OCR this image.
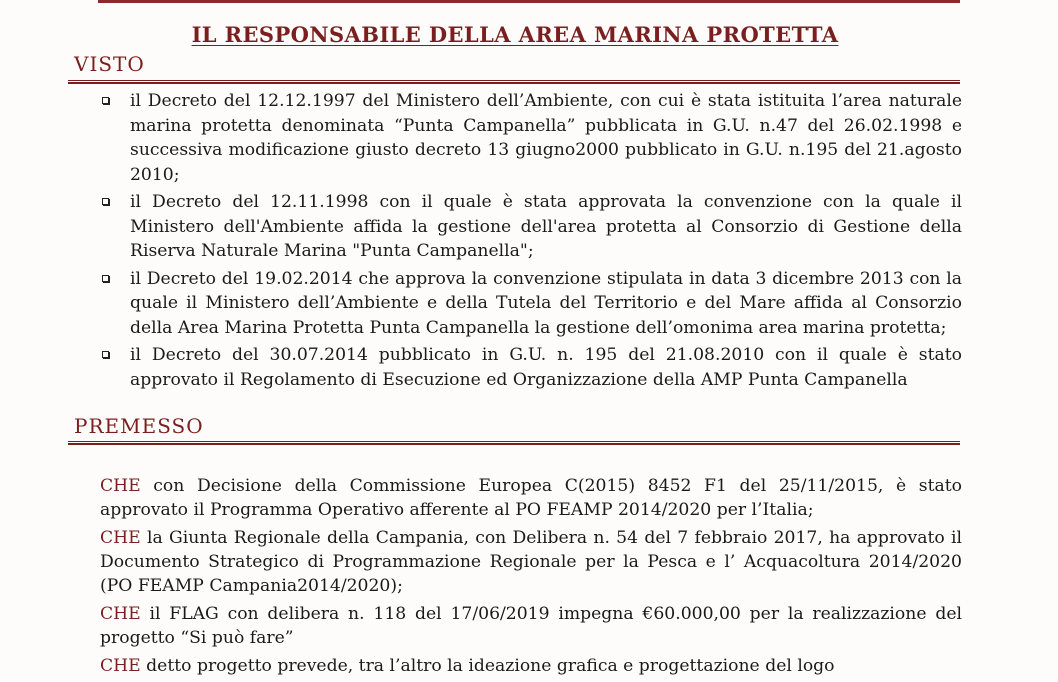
IL RESPONSABILE DELLA AREA MARINA PROTETTA
VISTO
il Decreto del 12.12.1997 del Ministero dell’Ambiente, con cui è stata istituita l’area naturale marina protetta denominata “Punta Campanella” pubblicata in G.U. n.47 del 26.02.1998 e successiva modificazione giusto decreto 13 giugno2000 pubblicato in G.U. n.195 del 21.agosto 2010;
il Decreto del 12.11.1998 con il quale è stata approvata la convenzione con la quale il Ministero dell'Ambiente affida la gestione dell'area protetta al Consorzio di Gestione della Riserva Naturale Marina "Punta Campanella";
il Decreto del 19.02.2014 che approva la convenzione stipulata in data 3 dicembre 2013 con la quale il Ministero dell’Ambiente e della Tutela del Territorio e del Mare affida al Consorzio della Area Marina Protetta Punta Campanella la gestione dell’omonima area marina protetta;
il Decreto del 30.07.2014 pubblicato in G.U. n. 195 del 21.08.2010 con il quale è stato approvato il Regolamento di Esecuzione ed Organizzazione della AMP Punta Campanella
PREMESSO

CHE con Decisione della Commissione Europea C(2015) 8452 F1 del 25/11/2015, è stato approvato il Programma Operativo afferente al PO FEAMP 2014/2020 per l’Italia;

CHE la Giunta Regionale della Campania, con Delibera n. 54 del 7 febbraio 2017, ha approvato il Documento Strategico di Programmazione Regionale per la Pesca e l’ Acquacoltura 2014/2020 (PO FEAMP Campania2014/2020);

CHE il FLAG con delibera n. 118 del 17/06/2019 impegna €60.000,00 per la realizzazione del progetto “Si può fare”

CHE detto progetto prevede, tra l’altro la ideazione grafica e progettazione del logo
